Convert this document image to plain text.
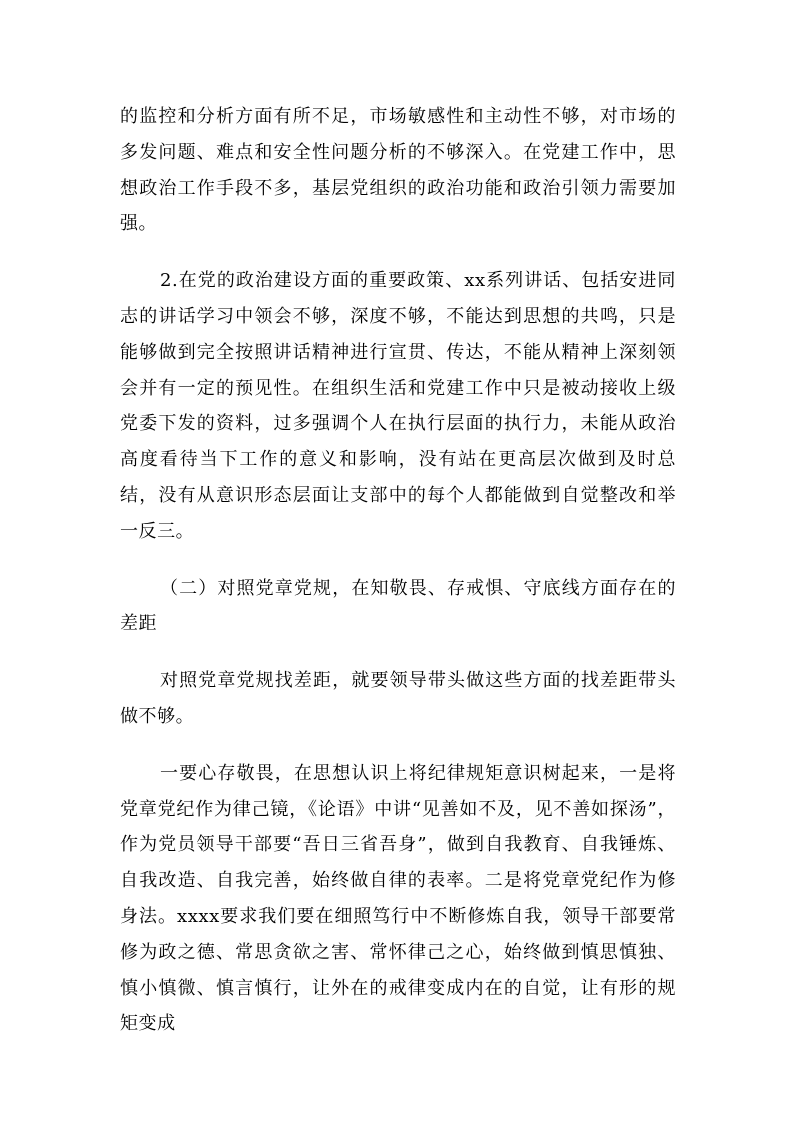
的监控和分析方面有所不足，市场敏感性和主动性不够，对市场的多发问题、难点和安全性问题分析的不够深入。在党建工作中，思想政治工作手段不多，基层党组织的政治功能和政治引领力需要加强。

2.在党的政治建设方面的重要政策、xx系列讲话、包括安进同志的讲话学习中领会不够，深度不够，不能达到思想的共鸣，只是能够做到完全按照讲话精神进行宣贯、传达，不能从精神上深刻领会并有一定的预见性。在组织生活和党建工作中只是被动接收上级党委下发的资料，过多强调个人在执行层面的执行力，未能从政治高度看待当下工作的意义和影响，没有站在更高层次做到及时总结，没有从意识形态层面让支部中的每个人都能做到自觉整改和举一反三。

（二）对照党章党规，在知敬畏、存戒惧、守底线方面存在的差距

对照党章党规找差距，就要领导带头做这些方面的找差距带头做不够。

一要心存敬畏，在思想认识上将纪律规矩意识树起来，一是将党章党纪作为律己镜，《论语》中讲“见善如不及，见不善如探汤”，作为党员领导干部要“吾日三省吾身”，做到自我教育、自我锤炼、自我改造、自我完善，始终做自律的表率。二是将党章党纪作为修身法。xxxx要求我们要在细照笃行中不断修炼自我，领导干部要常修为政之德、常思贪欲之害、常怀律己之心，始终做到慎思慎独、慎小慎微、慎言慎行，让外在的戒律变成内在的自觉，让有形的规矩变成
